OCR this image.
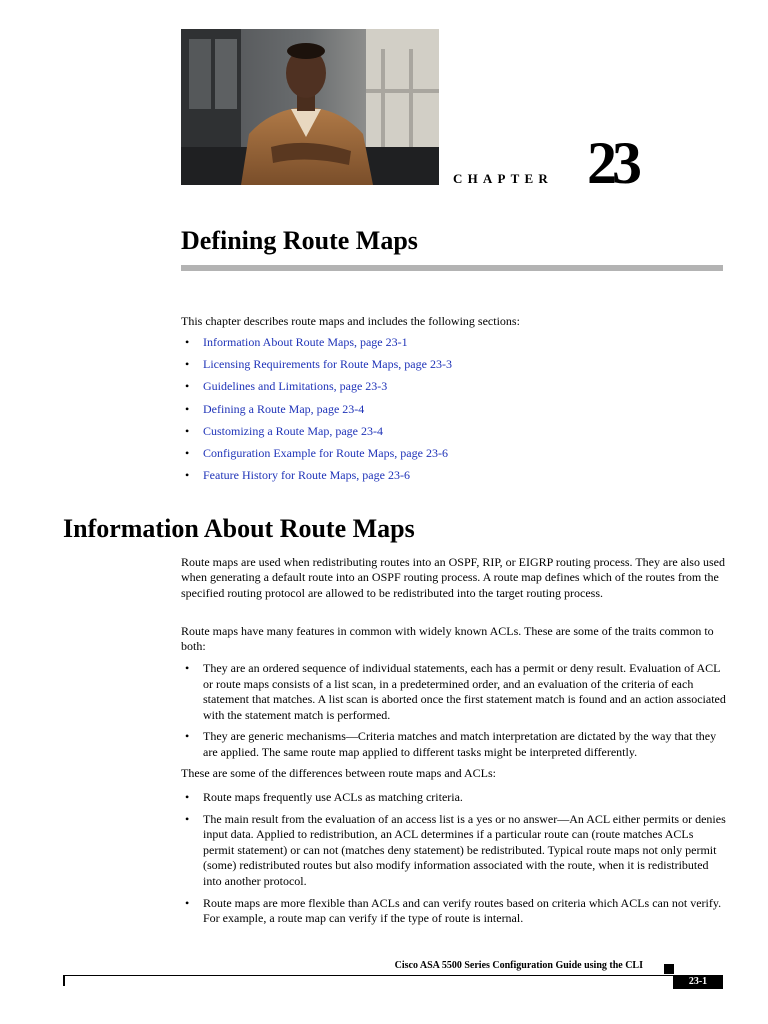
CHAPTER 23
Defining Route Maps

This chapter describes route maps and includes the following sections:

• Information About Route Maps, page 23-1
• Licensing Requirements for Route Maps, page 23-3
• Guidelines and Limitations, page 23-3
• Defining a Route Map, page 23-4
• Customizing a Route Map, page 23-4
• Configuration Example for Route Maps, page 23-6
• Feature History for Route Maps, page 23-6
Information About Route Maps

Route maps are used when redistributing routes into an OSPF, RIP, or EIGRP routing process. They are also used when generating a default route into an OSPF routing process. A route map defines which of the routes from the specified routing protocol are allowed to be redistributed into the target routing process.

Route maps have many features in common with widely known ACLs. These are some of the traits common to both:

• They are an ordered sequence of individual statements, each has a permit or deny result. Evaluation of ACL or route maps consists of a list scan, in a predetermined order, and an evaluation of the criteria of each statement that matches. A list scan is aborted once the first statement match is found and an action associated with the statement match is performed.
• They are generic mechanisms—Criteria matches and match interpretation are dictated by the way that they are applied. The same route map applied to different tasks might be interpreted differently.

These are some of the differences between route maps and ACLs:

• Route maps frequently use ACLs as matching criteria.
• The main result from the evaluation of an access list is a yes or no answer—An ACL either permits or denies input data. Applied to redistribution, an ACL determines if a particular route can (route matches ACLs permit statement) or can not (matches deny statement) be redistributed. Typical route maps not only permit (some) redistributed routes but also modify information associated with the route, when it is redistributed into another protocol.
• Route maps are more flexible than ACLs and can verify routes based on criteria which ACLs can not verify. For example, a route map can verify if the type of route is internal.
Cisco ASA 5500 Series Configuration Guide using the CLI
23-1
